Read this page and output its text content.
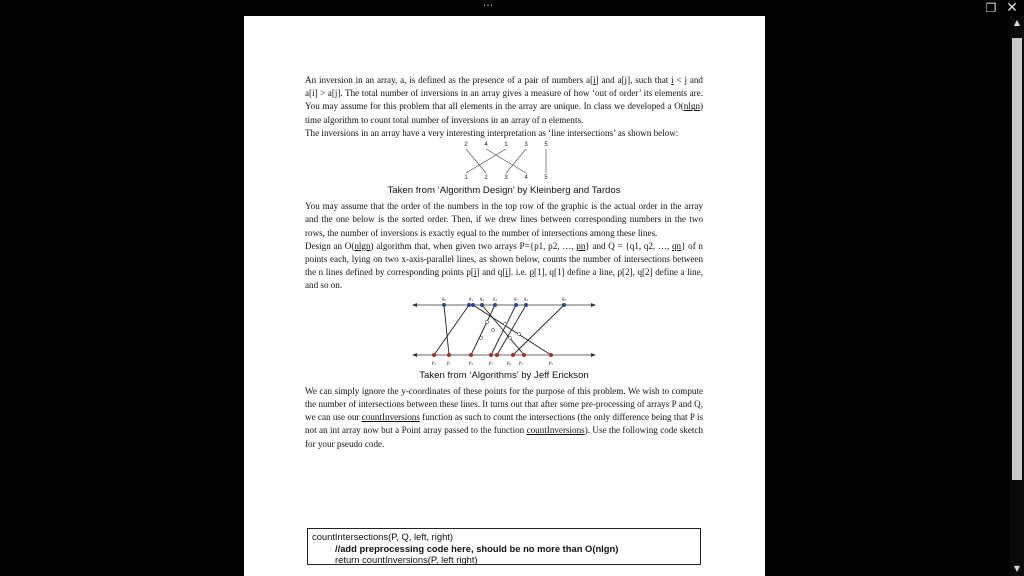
···	❐ ✕

An inversion in an array, a, is defined as the presence of a pair of numbers a[i] and a[j], such that i < j and a[i] > a[j]. The total number of inversions in an array gives a measure of how ‘out of order’ its elements are. You may assume for this problem that all elements in the array are unique. In class we developed a O(nlgn) time algorithm to count total number of inversions in an array of n elements.

The inversions in an array have a very interesting interpretation as ‘line intersections’ as shown below:

2	4	1	3	5
1	2	3	4	5
Taken from ‘Algorithm Design’ by Kleinberg and Tardos

You may assume that the order of the numbers in the top row of the graphic is the actual order in the array and the one below is the sorted order. Then, if we drew lines between corresponding numbers in the two rows, the number of inversions is exactly equal to the number of intersections among these lines.

Design an O(nlgn) algorithm that, when given two arrays P={p1, p2, …, pn} and Q = {q1, q2, …, qn} of n points each, lying on two x-axis-parallel lines, as shown below, counts the number of intersections between the n lines defined by corresponding points p[i] and q[i]. i.e. p[1], q[1] define a line, p[2], q[2] define a line, and so on.

q₆	q₁ q₂ q₄	q₇ q₃	q₈
p₁ p₇	p₄	p₃	p₆ p₂	p₅
Taken from ‘Algorithms’ by Jeff Erickson

We can simply ignore the y-coordinates of these points for the purpose of this problem. We wish to compute the number of intersections between these lines. It turns out that after some pre-processing of arrays P and Q, we can use our countInversions function as such to count the intersections (the only difference being that P is not an int array now but a Point array passed to the function countInversions). Use the following code sketch for your pseudo code.

countIntersections(P, Q, left, right)
//add preprocessing code here, should be no more than O(nlgn)
return countInversions(P, left right)
▲
▼
